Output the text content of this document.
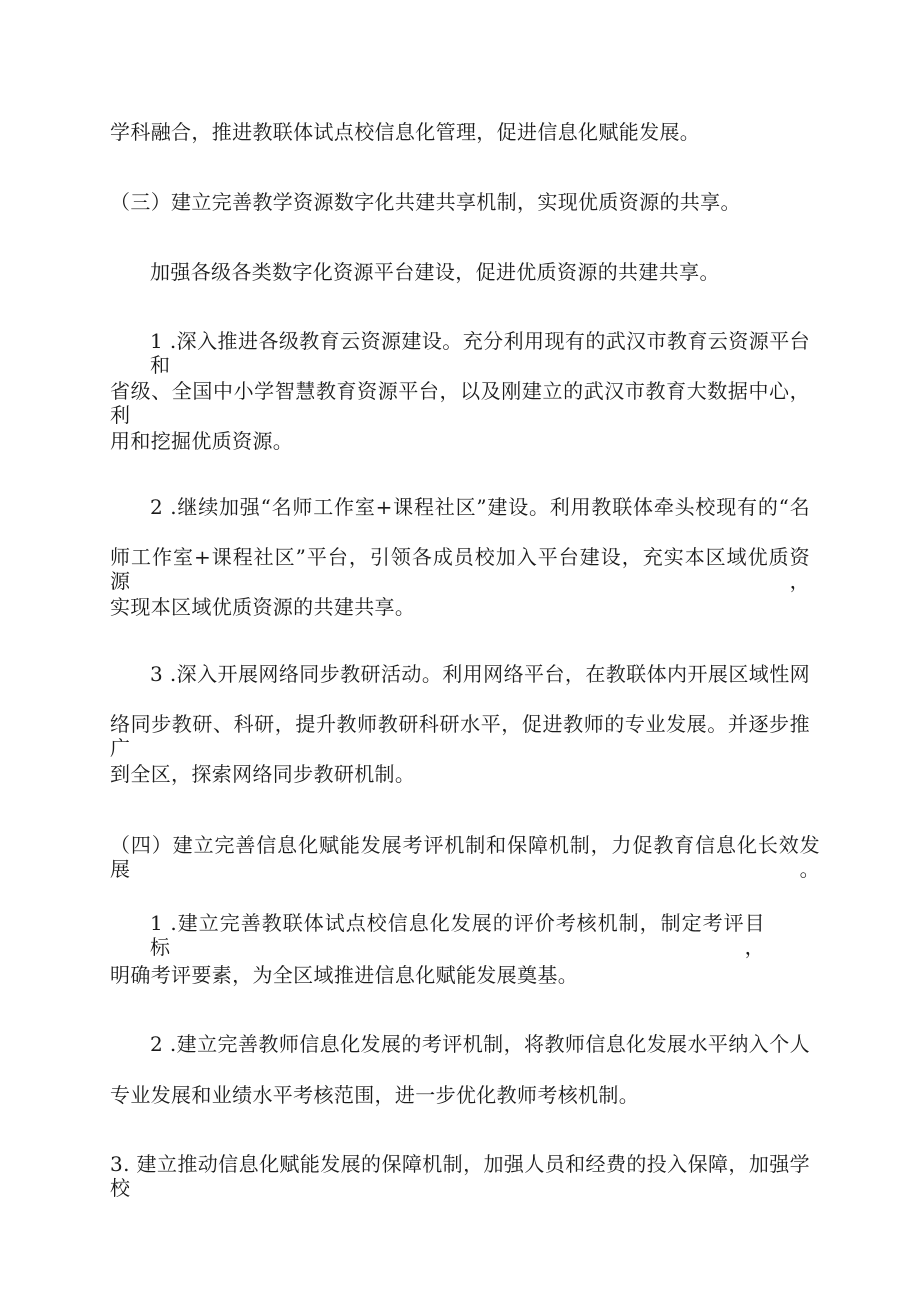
学科融合，推进教联体试点校信息化管理，促进信息化赋能发展。
（三）建立完善教学资源数字化共建共享机制，实现优质资源的共享。
加强各级各类数字化资源平台建设，促进优质资源的共建共享。
1 .深入推进各级教育云资源建设。充分利用现有的武汉市教育云资源平台和
省级、全国中小学智慧教育资源平台，以及刚建立的武汉市教育大数据中心，利
用和挖掘优质资源。
2 .继续加强“名师工作室+课程社区”建设。利用教联体牵头校现有的“名
师工作室+课程社区”平台，引领各成员校加入平台建设，充实本区域优质资源，
实现本区域优质资源的共建共享。
3 .深入开展网络同步教研活动。利用网络平台，在教联体内开展区域性网
络同步教研、科研，提升教师教研科研水平，促进教师的专业发展。并逐步推广
到全区，探索网络同步教研机制。
（四）建立完善信息化赋能发展考评机制和保障机制，力促教育信息化长效发展。
1 .建立完善教联体试点校信息化发展的评价考核机制，制定考评目标，
明确考评要素，为全区域推进信息化赋能发展奠基。
2 .建立完善教师信息化发展的考评机制，将教师信息化发展水平纳入个人
专业发展和业绩水平考核范围，进一步优化教师考核机制。
3. 建立推动信息化赋能发展的保障机制，加强人员和经费的投入保障，加强学校
